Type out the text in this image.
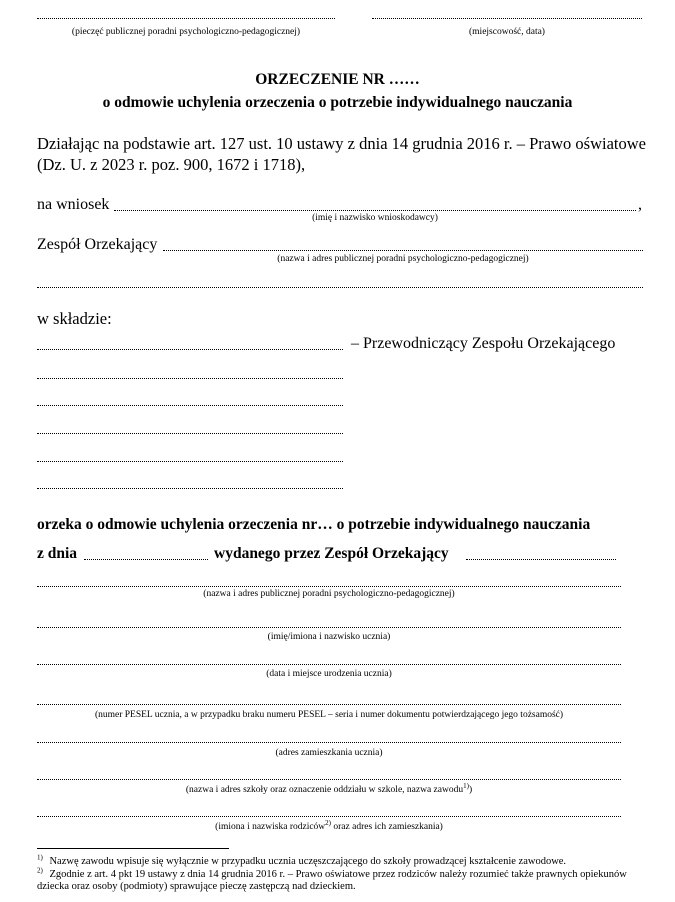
(pieczęć publicznej poradni psychologiczno-pedagogicznej)	(miejscowość, data)
ORZECZENIE NR ……
o odmowie uchylenia orzeczenia o potrzebie indywidualnego nauczania
Działając na podstawie art. 127 ust. 10 ustawy z dnia 14 grudnia 2016 r. – Prawo oświatowe
(Dz. U. z 2023 r. poz. 900, 1672 i 1718),
na wniosek	,
(imię i nazwisko wnioskodawcy)
Zespół Orzekający
(nazwa i adres publicznej poradni psychologiczno-pedagogicznej)
w składzie:
– Przewodniczący Zespołu Orzekającego
orzeka o odmowie uchylenia orzeczenia nr… o potrzebie indywidualnego nauczania
z dnia	wydanego przez Zespół Orzekający
(nazwa i adres publicznej poradni psychologiczno-pedagogicznej)
(imię/imiona i nazwisko ucznia)
(data i miejsce urodzenia ucznia)
(numer PESEL ucznia, a w przypadku braku numeru PESEL – seria i numer dokumentu potwierdzającego jego tożsamość)
(adres zamieszkania ucznia)
(nazwa i adres szkoły oraz oznaczenie oddziału w szkole, nazwa zawodu$^{1)}$)
(imiona i nazwiska rodziców$^{2)}$ oraz adres ich zamieszkania)
$^{1)}$ Nazwę zawodu wpisuje się wyłącznie w przypadku ucznia uczęszczającego do szkoły prowadzącej kształcenie zawodowe.
$^{2)}$ Zgodnie z art. 4 pkt 19 ustawy z dnia 14 grudnia 2016 r. – Prawo oświatowe przez rodziców należy rozumieć także prawnych opiekunów dziecka oraz osoby (podmioty) sprawujące pieczę zastępczą nad dzieckiem.
